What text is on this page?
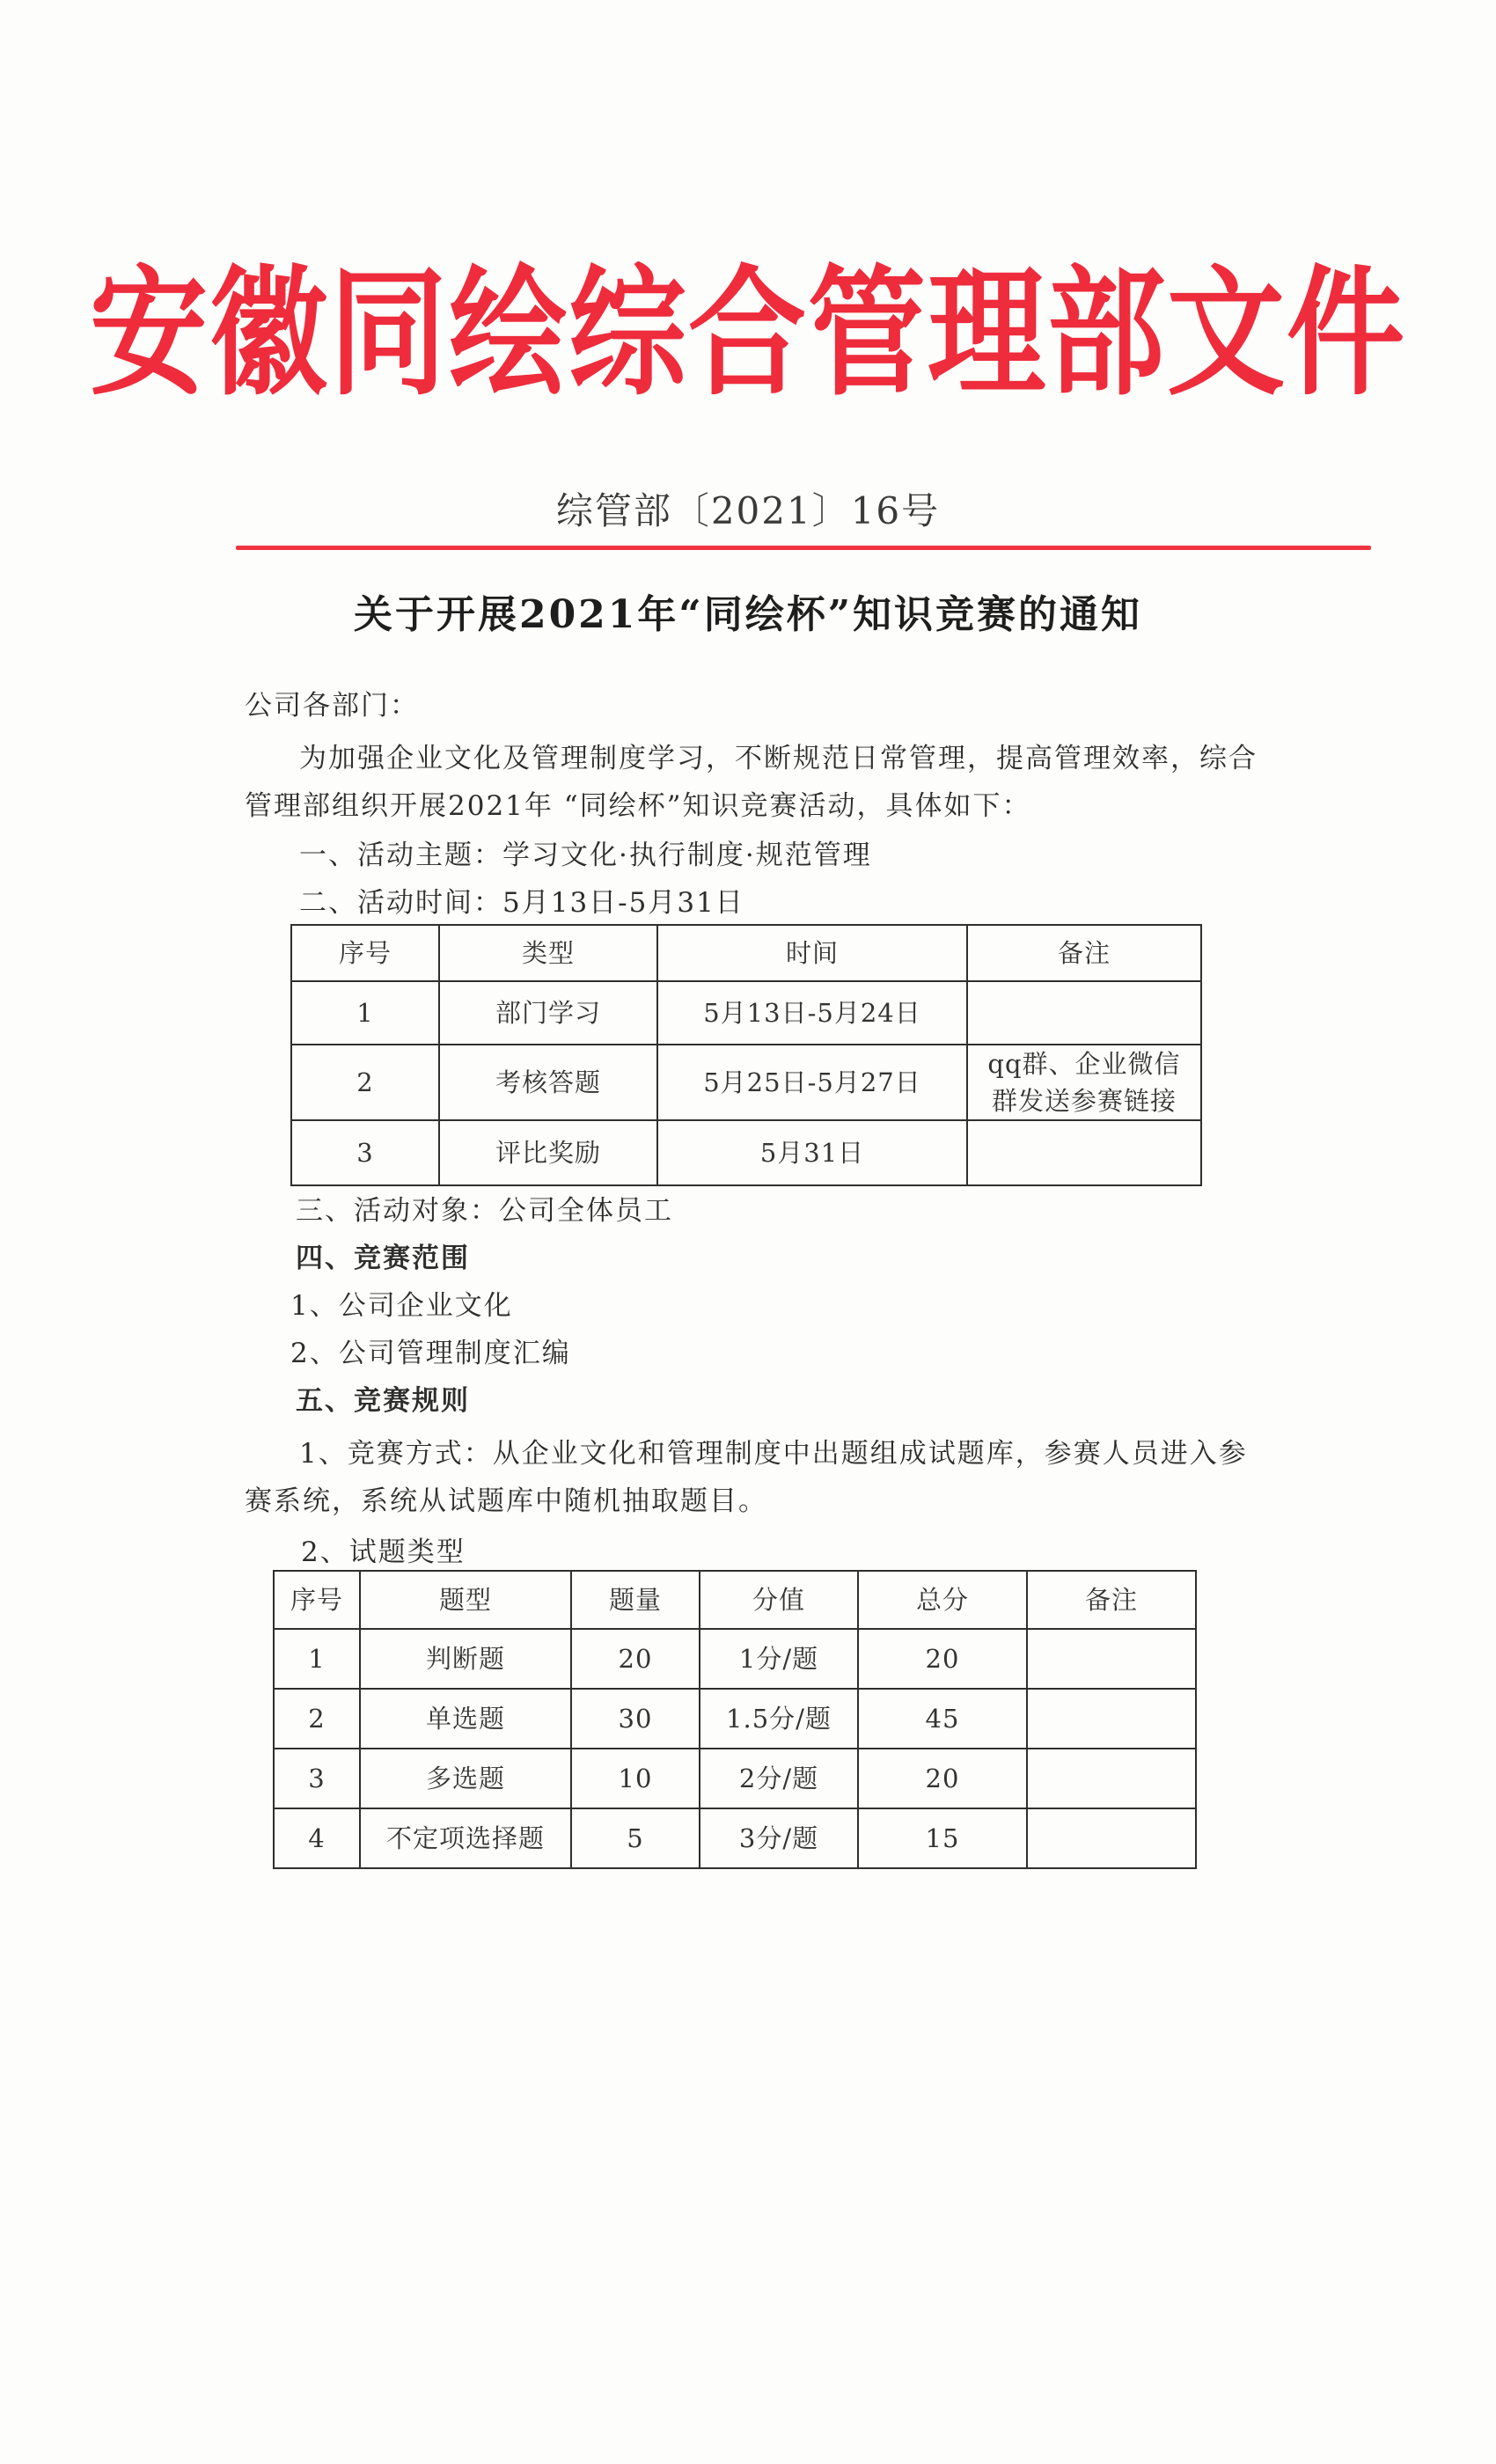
安徽同绘综合管理部文件
综管部〔2021〕16号
关于开展2021年“同绘杯”知识竞赛的通知
公司各部门：
为加强企业文化及管理制度学习，不断规范日常管理，提高管理效率，综合
管理部组织开展2021年 “同绘杯”知识竞赛活动，具体如下：
一、活动主题：学习文化·执行制度·规范管理
二、活动时间：5月13日-5月31日
序号	类型	时间	备注
1	部门学习	5月13日-5月24日	
2	考核答题	5月25日-5月27日	qq群、企业微信群发送参赛链接
3	评比奖励	5月31日	
三、活动对象：公司全体员工
四、竞赛范围
1、公司企业文化
2、公司管理制度汇编
五、竞赛规则
1、竞赛方式：从企业文化和管理制度中出题组成试题库，参赛人员进入参
赛系统，系统从试题库中随机抽取题目。
2、试题类型
序号	题型	题量	分值	总分	备注
1	判断题	20	1分/题	20	
2	单选题	30	1.5分/题	45	
3	多选题	10	2分/题	20	
4	不定项选择题	5	3分/题	15	
